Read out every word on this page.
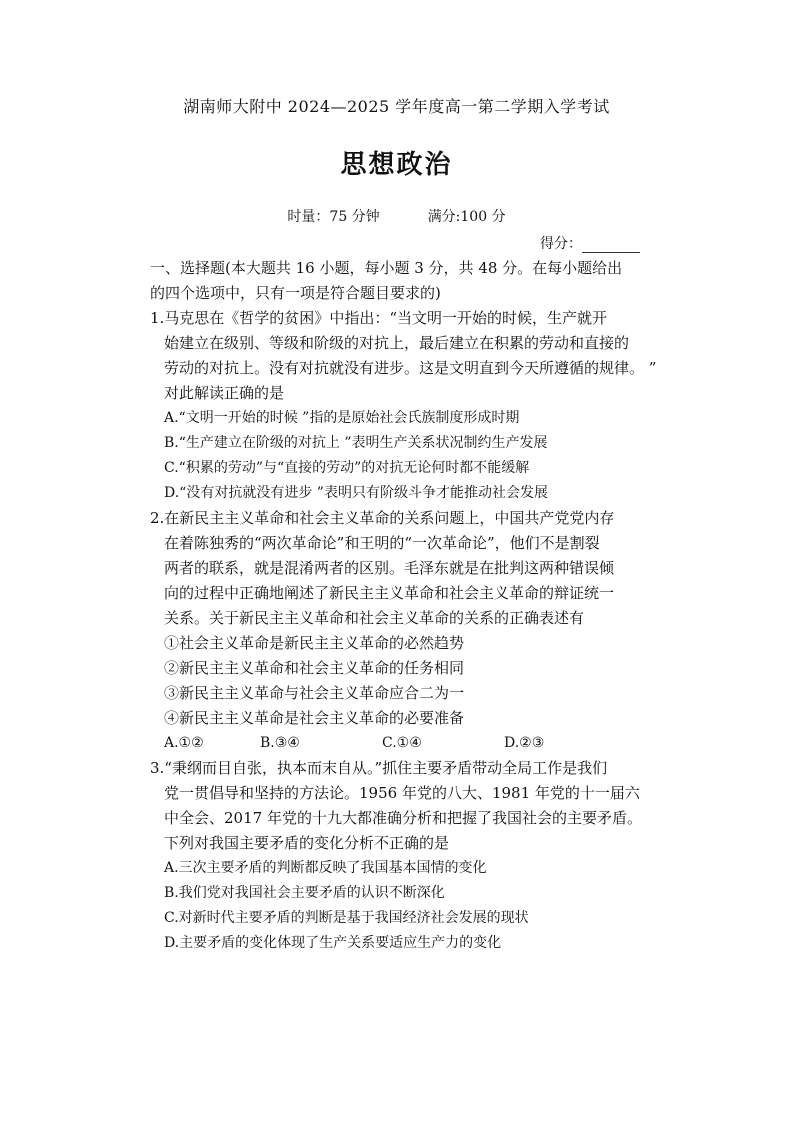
湖南师大附中 2024—2025 学年度高一第二学期入学考试
思想政治
时量：75 分钟	满分:100 分
得分：
一、选择题(本大题共 16 小题，每小题 3 分，共 48 分。在每小题给出
的四个选项中，只有一项是符合题目要求的)
1.马克思在《哲学的贫困》中指出：“当文明一开始的时候，生产就开
始建立在级别、等级和阶级的对抗上，最后建立在积累的劳动和直接的
劳动的对抗上。没有对抗就没有进步。这是文明直到今天所遵循的规律。 ”
对此解读正确的是
A.“文明一开始的时候 ”指的是原始社会氏族制度形成时期
B.“生产建立在阶级的对抗上 ”表明生产关系状况制约生产发展
C.“积累的劳动”与“直接的劳动”的对抗无论何时都不能缓解
D.“没有对抗就没有进步 ”表明只有阶级斗争才能推动社会发展
2.在新民主主义革命和社会主义革命的关系问题上，中国共产党党内存
在着陈独秀的“两次革命论”和王明的“一次革命论”，他们不是割裂
两者的联系，就是混淆两者的区别。毛泽东就是在批判这两种错误倾
向的过程中正确地阐述了新民主主义革命和社会主义革命的辩证统一
关系。关于新民主主义革命和社会主义革命的关系的正确表述有
①社会主义革命是新民主主义革命的必然趋势
②新民主主义革命和社会主义革命的任务相同
③新民主主义革命与社会主义革命应合二为一
④新民主主义革命是社会主义革命的必要准备
A.①②	B.③④	C.①④	D.②③
3.“秉纲而目自张，执本而末自从。”抓住主要矛盾带动全局工作是我们
党一贯倡导和坚持的方法论。1956 年党的八大、1981 年党的十一届六
中全会、2017 年党的十九大都准确分析和把握了我国社会的主要矛盾。
下列对我国主要矛盾的变化分析不正确的是
A.三次主要矛盾的判断都反映了我国基本国情的变化
B.我们党对我国社会主要矛盾的认识不断深化
C.对新时代主要矛盾的判断是基于我国经济社会发展的现状
D.主要矛盾的变化体现了生产关系要适应生产力的变化
